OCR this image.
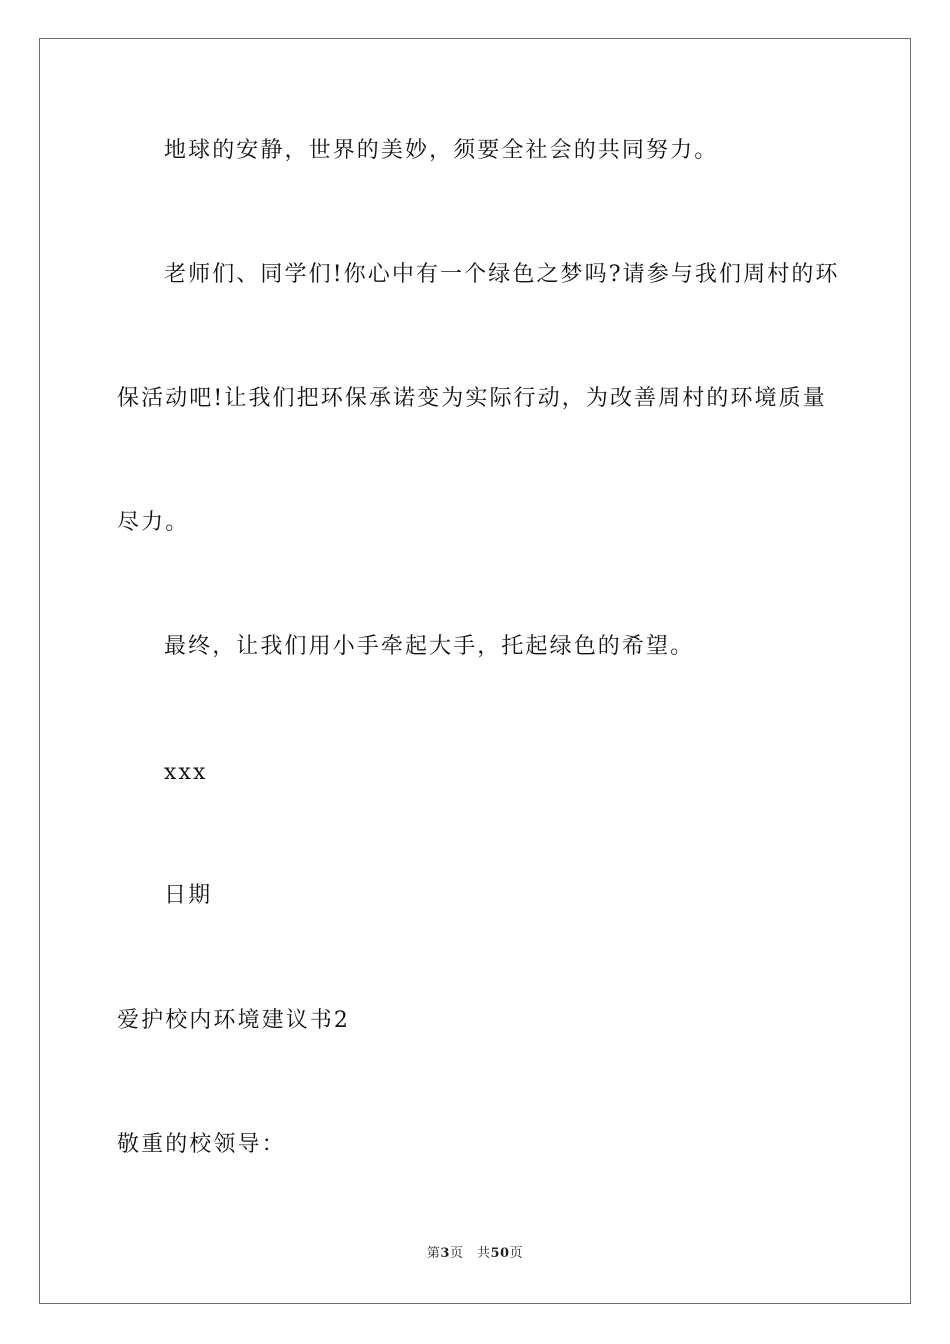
地球的安静，世界的美妙，须要全社会的共同努力。

老师们、同学们!你心中有一个绿色之梦吗?请参与我们周村的环

保活动吧!让我们把环保承诺变为实际行动，为改善周村的环境质量

尽力。

最终，让我们用小手牵起大手，托起绿色的希望。

xxx

日期

爱护校内环境建议书2

敬重的校领导：

第3页　共50页
